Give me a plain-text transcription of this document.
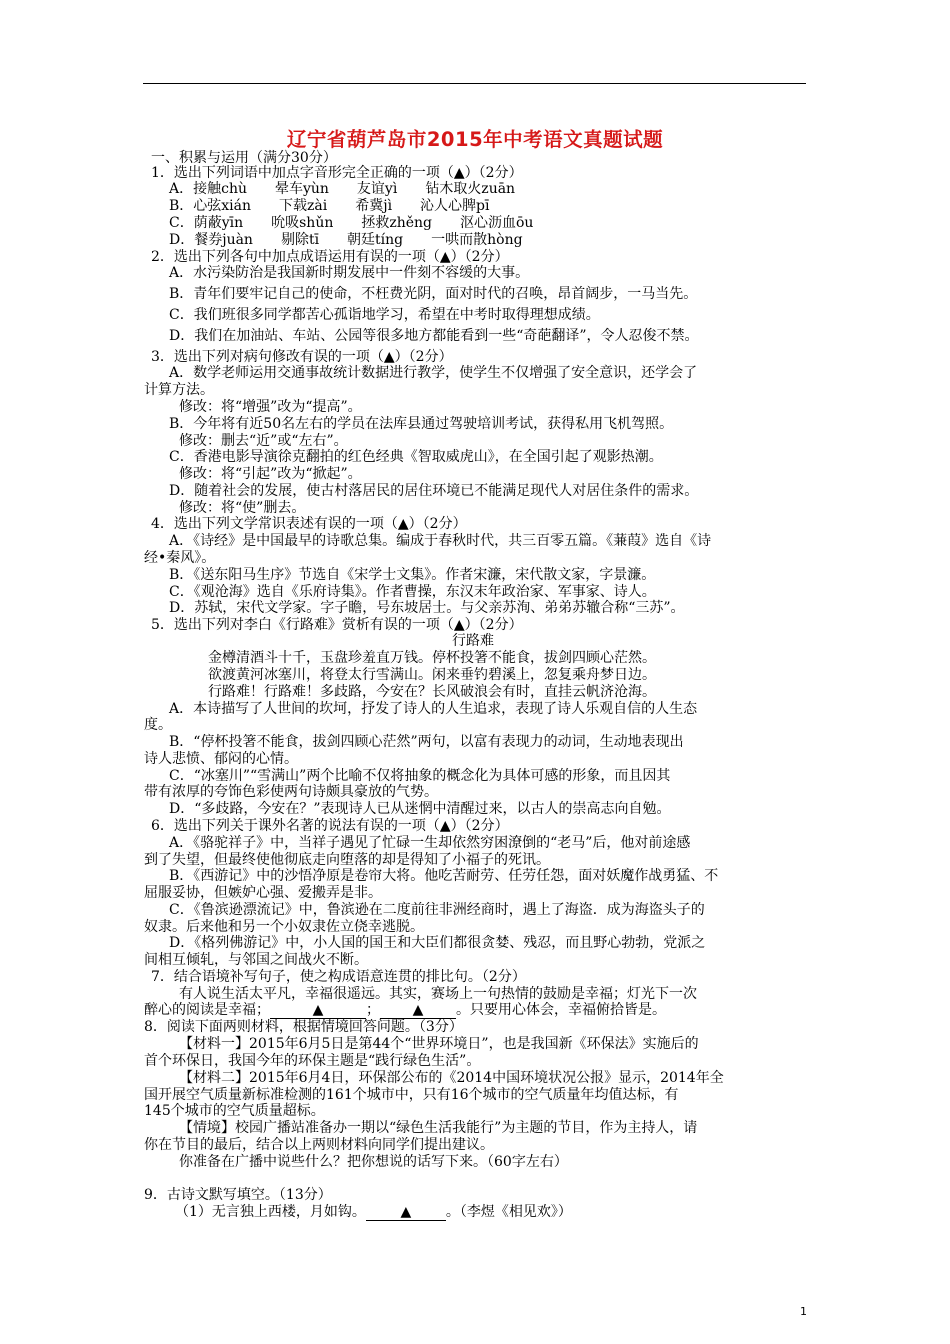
辽宁省葫芦岛市2015年中考语文真题试题
一、积累与运用（满分30分）
1．选出下列词语中加点字音形完全正确的一项（▲）（2分）
A．接触chù　　晕车yùn　　友谊yì　　钻木取火zuān
B．心弦xián　　下载zài　　希冀jì　　沁人心脾pī
C．荫蔽yīn　　吮吸shǔn　　拯救zhěng　　沤心沥血ōu
D．餐券juàn　　剔除tī　　朝廷tíng　　一哄而散hòng
2．选出下列各句中加点成语运用有误的一项（▲）（2分）
A．水污染防治是我国新时期发展中一件刻不容缓的大事。
B．青年们要牢记自己的使命，不枉费光阴，面对时代的召唤，昂首阔步，一马当先。
C．我们班很多同学都苦心孤诣地学习，希望在中考时取得理想成绩。
D．我们在加油站、车站、公园等很多地方都能看到一些“奇葩翻译”，令人忍俊不禁。
3．选出下列对病句修改有误的一项（▲）（2分）
A．数学老师运用交通事故统计数据进行教学，使学生不仅增强了安全意识，还学会了
计算方法。
修改：将“增强”改为“提高”。
B．今年将有近50名左右的学员在法库县通过驾驶培训考试，获得私用飞机驾照。
修改：删去“近”或“左右”。
C．香港电影导演徐克翻拍的红色经典《智取威虎山》，在全国引起了观影热潮。
修改：将“引起”改为“掀起”。
D．随着社会的发展，使古村落居民的居住环境已不能满足现代人对居住条件的需求。
修改：将“使”删去。
4．选出下列文学常识表述有误的一项（▲）（2分）
A．《诗经》是中国最早的诗歌总集。编成于春秋时代，共三百零五篇。《蒹葭》选自《诗
经•秦风》。
B．《送东阳马生序》节选自《宋学士文集》。作者宋濂，宋代散文家，字景濂。
C．《观沧海》选自《乐府诗集》。作者曹操，东汉末年政治家、军事家、诗人。
D．苏轼，宋代文学家。字子瞻，号东坡居士。与父亲苏洵、弟弟苏辙合称“三苏”。
5．选出下列对李白《行路难》赏析有误的一项（▲）（2分）
行路难
金樽清酒斗十千，玉盘珍羞直万钱。停杯投箸不能食，拔剑四顾心茫然。
欲渡黄河冰塞川，将登太行雪满山。闲来垂钓碧溪上，忽复乘舟梦日边。
行路难！行路难！多歧路，今安在？长风破浪会有时，直挂云帆济沧海。
A．本诗描写了人世间的坎坷，抒发了诗人的人生追求，表现了诗人乐观自信的人生态
度。
B．“停杯投箸不能食，拔剑四顾心茫然”两句，以富有表现力的动词，生动地表现出
诗人悲愤、郁闷的心情。
C．“冰塞川”“雪满山”两个比喻不仅将抽象的概念化为具体可感的形象，而且因其
带有浓厚的夸饰色彩使两句诗颇具豪放的气势。
D．“多歧路，今安在？”表现诗人已从迷惘中清醒过来，以古人的崇高志向自勉。
6．选出下列关于课外名著的说法有误的一项（▲）（2分）
A．《骆驼祥子》中，当祥子遇见了忙碌一生却依然穷困潦倒的“老马”后，他对前途感
到了失望，但最终使他彻底走向堕落的却是得知了小福子的死讯。
B．《西游记》中的沙悟净原是卷帘大将。他吃苦耐劳、任劳任怨，面对妖魔作战勇猛、不
屈服妥协，但嫉妒心强、爱搬弄是非。
C．《鲁滨逊漂流记》中，鲁滨逊在二度前往非洲经商时，遇上了海盗．成为海盗头子的
奴隶。后来他和另一个小奴隶佐立侥幸逃脱。
D．《格列佛游记》中，小人国的国王和大臣们都很贪婪、残忍，而且野心勃勃，党派之
间相互倾轧，与邻国之间战火不断。
7．结合语境补写句子，使之构成语意连贯的排比句。（2分）
有人说生活太平凡，幸福很遥远。其实，赛场上一句热情的鼓励是幸福；灯光下一次
醉心的阅读是幸福；	▲	； ▲ 。只要用心体会，幸福俯拾皆是。
8．阅读下面两则材料，根据情境回答问题。（3分）
【材料一】2015年6月5日是第44个“世界环境日”，也是我国新《环保法》实施后的
首个环保日，我国今年的环保主题是“践行绿色生活”。
【材料二】2015年6月4日，环保部公布的《2014中国环境状况公报》显示，2014年全
国开展空气质量新标准检测的161个城市中，只有16个城市的空气质量年均值达标，有
145个城市的空气质量超标。
【情境】校园广播站准备办一期以“绿色生活我能行”为主题的节目，作为主持人，请
你在节目的最后，结合以上两则材料向同学们提出建议。
你准备在广播中说些什么？把你想说的话写下来。（60字左右）
9．古诗文默写填空。（13分）
（1）无言独上西楼，月如钩。 ▲ 。（李煜《相见欢》）
1
